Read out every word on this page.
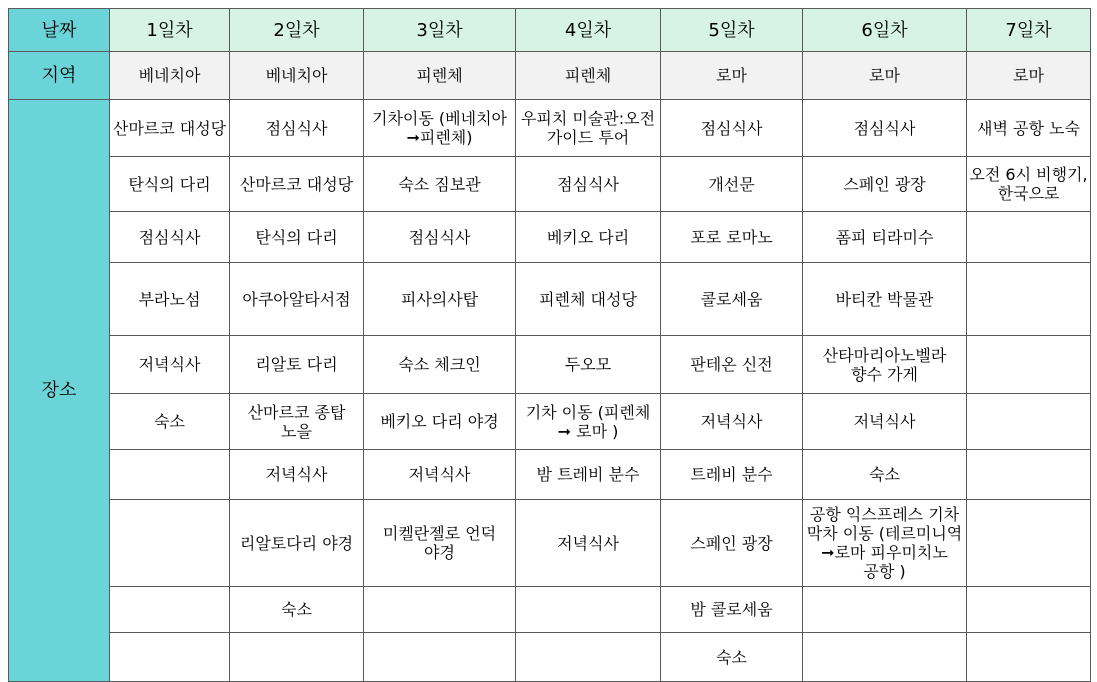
날짜	1일차	2일차	3일차	4일차	5일차	6일차	7일차
지역	베네치아	베네치아	피렌체	피렌체	로마	로마	로마
장소	산마르코 대성당	점심식사	기차이동 (베네치아 ➞피렌체)	우피치 미술관:오전 가이드 투어	점심식사	점심식사	새벽 공항 노숙
	탄식의 다리	산마르코 대성당	숙소 짐보관	점심식사	개선문	스페인 광장	오전 6시 비행기, 한국으로
	점심식사	탄식의 다리	점심식사	베키오 다리	포로 로마노	폼피 티라미수	
	부라노섬	아쿠아알타서점	피사의사탑	피렌체 대성당	콜로세움	바티칸 박물관	
	저녁식사	리알토 다리	숙소 체크인	두오모	판테온 신전	산타마리아노벨라 향수 가게	
	숙소	산마르코 종탑 노을	베키오 다리 야경	기차 이동 (피렌체 ➞ 로마 )	저녁식사	저녁식사	
		저녁식사	저녁식사	밤 트레비 분수	트레비 분수	숙소	
		리알토다리 야경	미켈란젤로 언덕 야경	저녁식사	스페인 광장	공항 익스프레스 기차 막차 이동 (테르미니역➞로마 피우미치노 공항 )	
		숙소			밤 콜로세움		
					숙소		
